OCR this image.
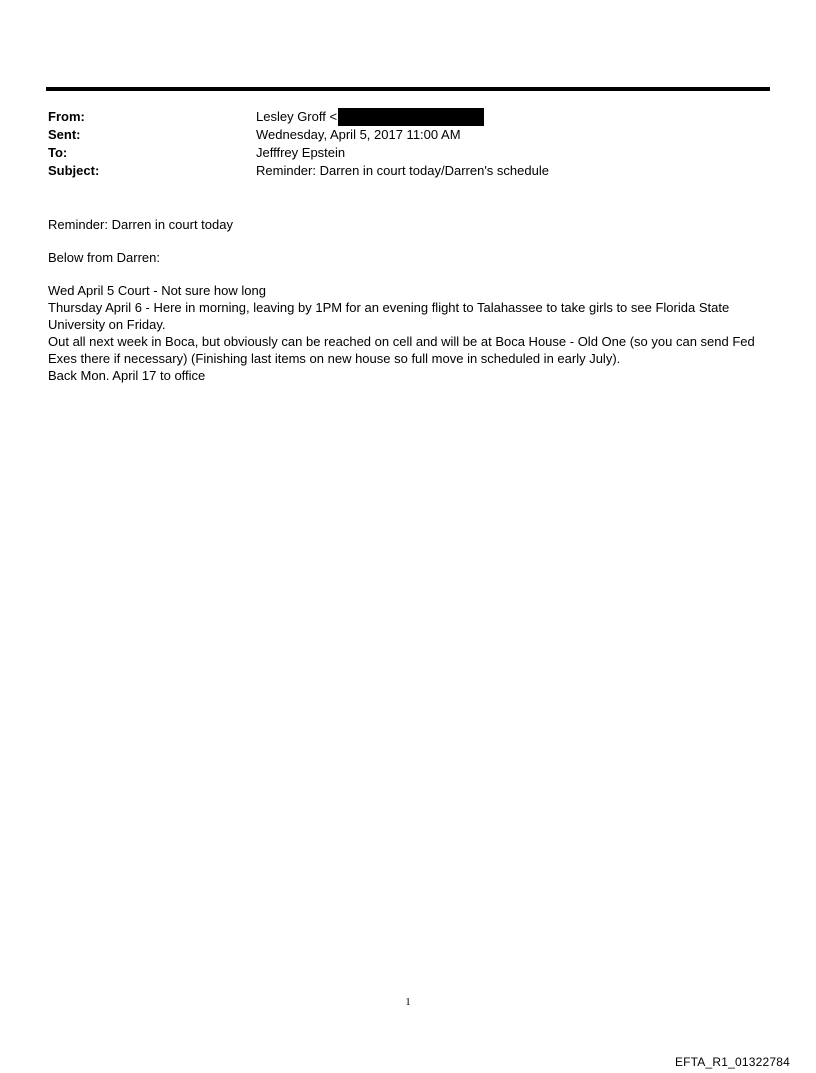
From:	Lesley Groff <
Sent:	Wednesday, April 5, 2017 11:00 AM
To:	Jefffrey Epstein
Subject:	Reminder: Darren in court today/Darren's schedule

Reminder: Darren in court today

Below from Darren:

Wed April 5 Court - Not sure how long
Thursday April 6 - Here in morning, leaving by 1PM for an evening flight to Talahassee to take girls to see Florida State University on Friday.
Out all next week in Boca, but obviously can be reached on cell and will be at Boca House - Old One (so you can send Fed Exes there if necessary) (Finishing last items on new house so full move in scheduled in early July).
Back Mon. April 17 to office
1
EFTA_R1_01322784
